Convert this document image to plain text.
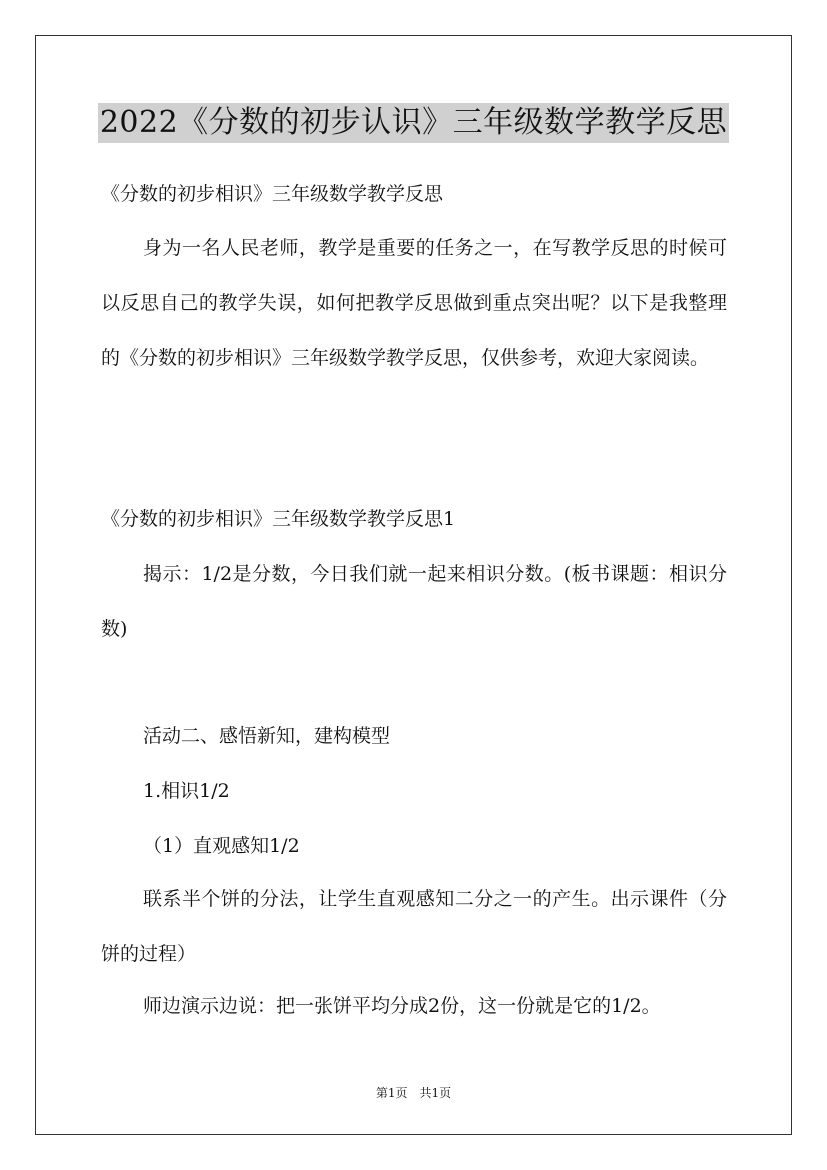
2022《分数的初步认识》三年级数学教学反思
《分数的初步相识》三年级数学教学反思

身为一名人民老师，教学是重要的任务之一，在写教学反思的时候可以反思自己的教学失误，如何把教学反思做到重点突出呢？以下是我整理的《分数的初步相识》三年级数学教学反思，仅供参考，欢迎大家阅读。

《分数的初步相识》三年级数学教学反思1

揭示：1/2是分数，今日我们就一起来相识分数。(板书课题：相识分数)

活动二、感悟新知，建构模型
1.相识1/2
（1）直观感知1/2

联系半个饼的分法，让学生直观感知二分之一的产生。出示课件（分饼的过程）

师边演示边说：把一张饼平均分成2份，这一份就是它的1/2。
第1页　共1页
